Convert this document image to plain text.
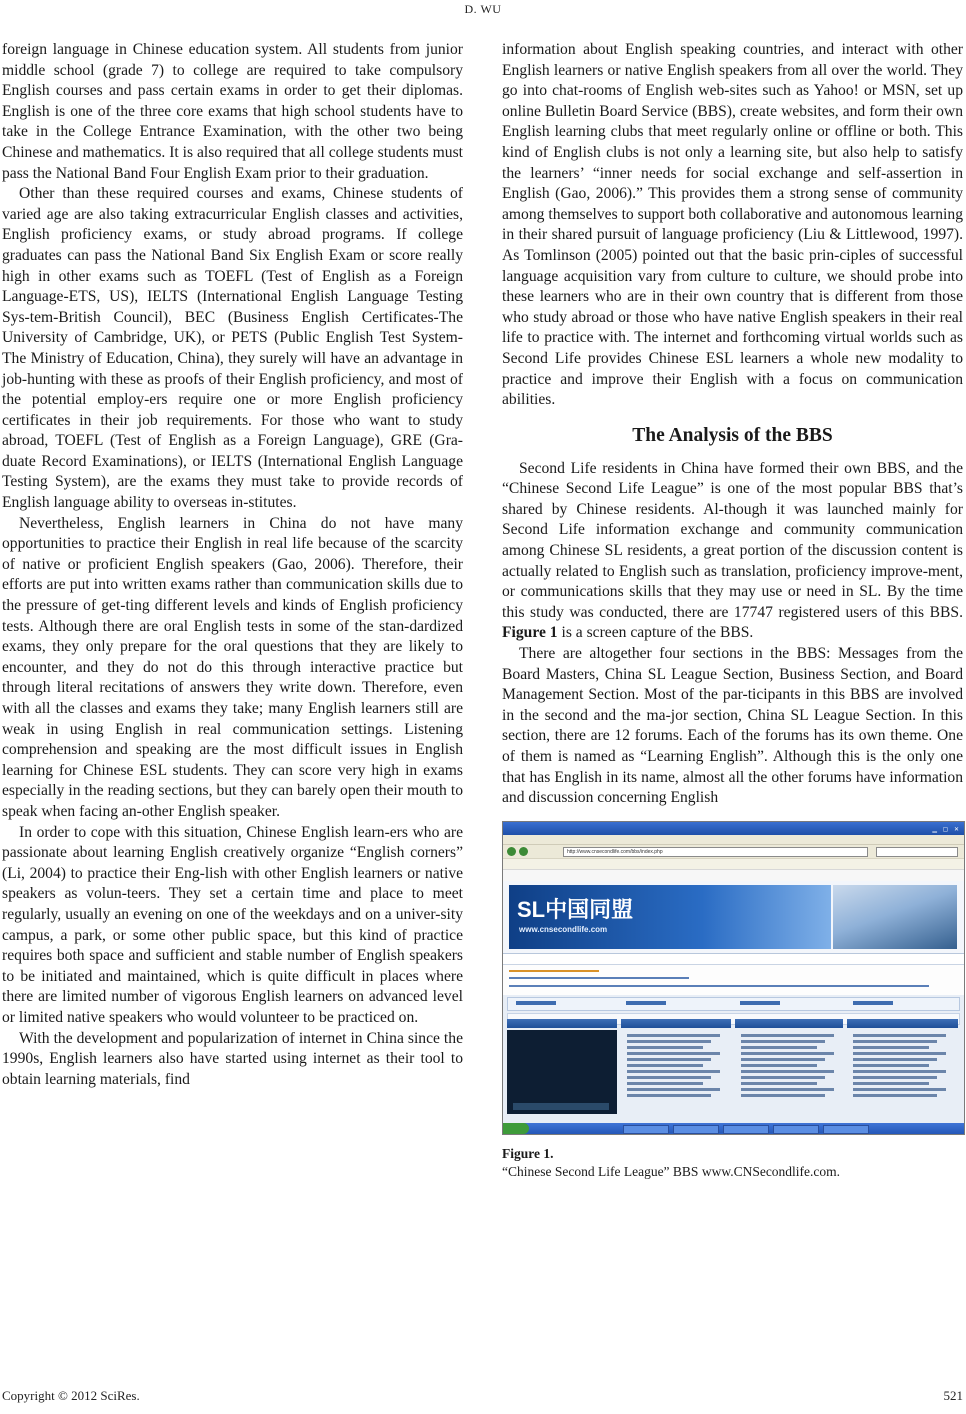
D. WU

foreign language in Chinese education system. All students from junior middle school (grade 7) to college are required to take compulsory English courses and pass certain exams in order to get their diplomas. English is one of the three core exams that high school students have to take in the College Entrance Examination, with the other two being Chinese and mathematics. It is also required that all college students must pass the National Band Four English Exam prior to their graduation.

Other than these required courses and exams, Chinese students of varied age are also taking extracurricular English classes and activities, English proficiency exams, or study abroad programs. If college graduates can pass the National Band Six English Exam or score really high in other exams such as TOEFL (Test of English as a Foreign Language-ETS, US), IELTS (International English Language Testing Sys-tem-British Council), BEC (Business English Certificates-The University of Cambridge, UK), or PETS (Public English Test System-The Ministry of Education, China), they surely will have an advantage in job-hunting with these as proofs of their English proficiency, and most of the potential employ-ers require one or more English proficiency certificates in their job requirements. For those who want to study abroad, TOEFL (Test of English as a Foreign Language), GRE (Gra-duate Record Examinations), or IELTS (International English Language Testing System), are the exams they must take to provide records of English language ability to overseas in-stitutes.

Nevertheless, English learners in China do not have many opportunities to practice their English in real life because of the scarcity of native or proficient English speakers (Gao, 2006). Therefore, their efforts are put into written exams rather than communication skills due to the pressure of get-ting different levels and kinds of English proficiency tests. Although there are oral English tests in some of the stan-dardized exams, they only prepare for the oral questions that they are likely to encounter, and they do not do this through interactive practice but through literal recitations of answers they write down. Therefore, even with all the classes and exams they take; many English learners still are weak in using English in real communication settings. Listening comprehension and speaking are the most difficult issues in English learning for Chinese ESL students. They can score very high in exams especially in the reading sections, but they can barely open their mouth to speak when facing an-other English speaker.

In order to cope with this situation, Chinese English learn-ers who are passionate about learning English creatively organize “English corners” (Li, 2004) to practice their Eng-lish with other English learners or native speakers as volun-teers. They set a certain time and place to meet regularly, usually an evening on one of the weekdays and on a univer-sity campus, a park, or some other public space, but this kind of practice requires both space and sufficient and stable number of English speakers to be initiated and maintained, which is quite difficult in places where there are limited number of vigorous English learners on advanced level or limited native speakers who would volunteer to be practiced on.

With the development and popularization of internet in China since the 1990s, English learners also have started using internet as their tool to obtain learning materials, find

information about English speaking countries, and interact with other English learners or native English speakers from all over the world. They go into chat-rooms of English web-sites such as Yahoo! or MSN, set up online Bulletin Board Service (BBS), create websites, and form their own English learning clubs that meet regularly online or offline or both. This kind of English clubs is not only a learning site, but also help to satisfy the learners’ “inner needs for social exchange and self-assertion in English (Gao, 2006).” This provides them a strong sense of community among themselves to support both collaborative and autonomous learning in their shared pursuit of language proficiency (Liu & Littlewood, 1997). As Tomlinson (2005) pointed out that the basic prin-ciples of successful language acquisition vary from culture to culture, we should probe into these learners who are in their own country that is different from those who study abroad or those who have native English speakers in their real life to practice with. The internet and forthcoming virtual worlds such as Second Life provides Chinese ESL learners a whole new modality to practice and improve their English with a focus on communication abilities.

The Analysis of the BBS

Second Life residents in China have formed their own BBS, and the “Chinese Second Life League” is one of the most popular BBS that’s shared by Chinese residents. Al-though it was launched mainly for Second Life information exchange and community communication among Chinese SL residents, a great portion of the discussion content is actually related to English such as translation, proficiency improve-ment, or communications skills that they may use or need in SL. By the time this study was conducted, there are 17747 registered users of this BBS. Figure 1 is a screen capture of the BBS.

There are altogether four sections in the BBS: Messages from the Board Masters, China SL League Section, Business Section, and Board Management Section. Most of the par-ticipants in this BBS are involved in the second and the ma-jor section, China SL League Section. In this section, there are 12 forums. Each of the forums has its own theme. One of them is named as “Learning English”. Although this is the only one that has English in its name, almost all the other forums have information and discussion concerning English

▁ ▢ ✕
http://www.cnsecondlife.com/bbs/index.php
SL中国同盟
www.cnsecondlife.com
Figure 1.
“Chinese Second Life League” BBS www.CNSecondlife.com.
Copyright © 2012 SciRes.	521
